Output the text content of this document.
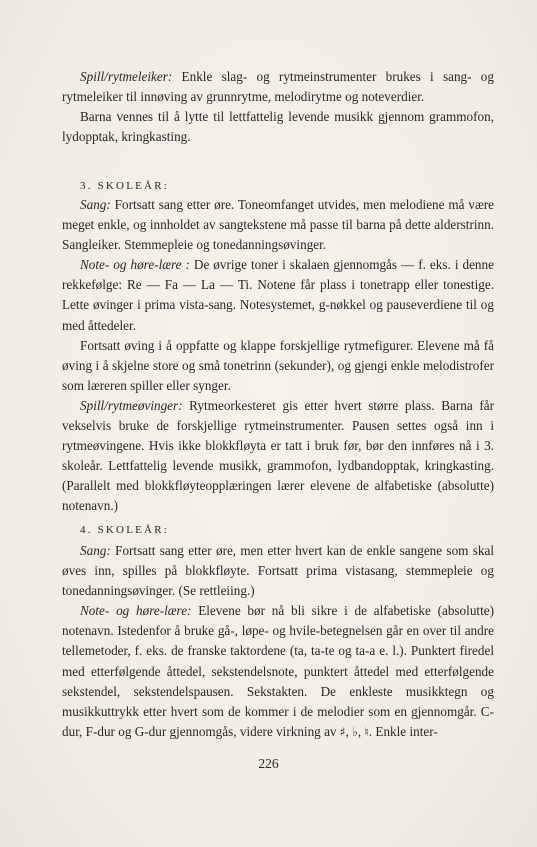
Spill/rytmeleiker: Enkle slag- og rytmeinstrumenter brukes i sang- og rytmeleiker til innøving av grunnrytme, melodirytme og noteverdier.

Barna vennes til å lytte til lettfattelig levende musikk gjennom grammofon, lydopptak, kringkasting.

3. SKOLEÅR:

Sang: Fortsatt sang etter øre. Toneomfanget utvides, men melodiene må være meget enkle, og innholdet av sangtekstene må passe til barna på dette alderstrinn. Sangleiker. Stemmepleie og tonedanningsøvinger.

Note- og høre-lære : De øvrige toner i skalaen gjennomgås — f. eks. i denne rekkefølge: Re — Fa — La — Ti. Notene får plass i tonetrapp eller tonestige. Lette øvinger i prima vista-sang. Notesystemet, g-nøkkel og pauseverdiene til og med åttedeler.

Fortsatt øving i å oppfatte og klappe forskjellige rytmefigurer. Elevene må få øving i å skjelne store og små tonetrinn (sekunder), og gjengi enkle melodistrofer som læreren spiller eller synger.

Spill/rytmeøvinger: Rytmeorkesteret gis etter hvert større plass. Barna får vekselvis bruke de forskjellige rytmeinstrumenter. Pausen settes også inn i rytmeøvingene. Hvis ikke blokkfløyta er tatt i bruk før, bør den innføres nå i 3. skoleår. Lettfattelig levende musikk, grammofon, lydbandopptak, kringkasting. (Parallelt med blokkfløyteopplæringen lærer elevene de alfabetiske (absolutte) notenavn.)

4. SKOLEÅR:

Sang: Fortsatt sang etter øre, men etter hvert kan de enkle sangene som skal øves inn, spilles på blokkfløyte. Fortsatt prima vistasang, stemmepleie og tonedanningsøvinger. (Se rettleiing.)

Note- og høre-lære: Elevene bør nå bli sikre i de alfabetiske (absolutte) notenavn. Istedenfor å bruke gå-, løpe- og hvile-betegnelsen går en over til andre tellemetoder, f. eks. de franske taktordene (ta, ta-te og ta-a e. l.). Punktert firedel med etterfølgende åttedel, sekstendelsnote, punktert åttedel med etterfølgende sekstendel, sekstendelspausen. Sekstakten. De enkleste musikktegn og musikkuttrykk etter hvert som de kommer i de melodier som en gjennomgår. C-dur, F-dur og G-dur gjennomgås, videre virkning av ♯, ♭, ♮. Enkle inter-

226
